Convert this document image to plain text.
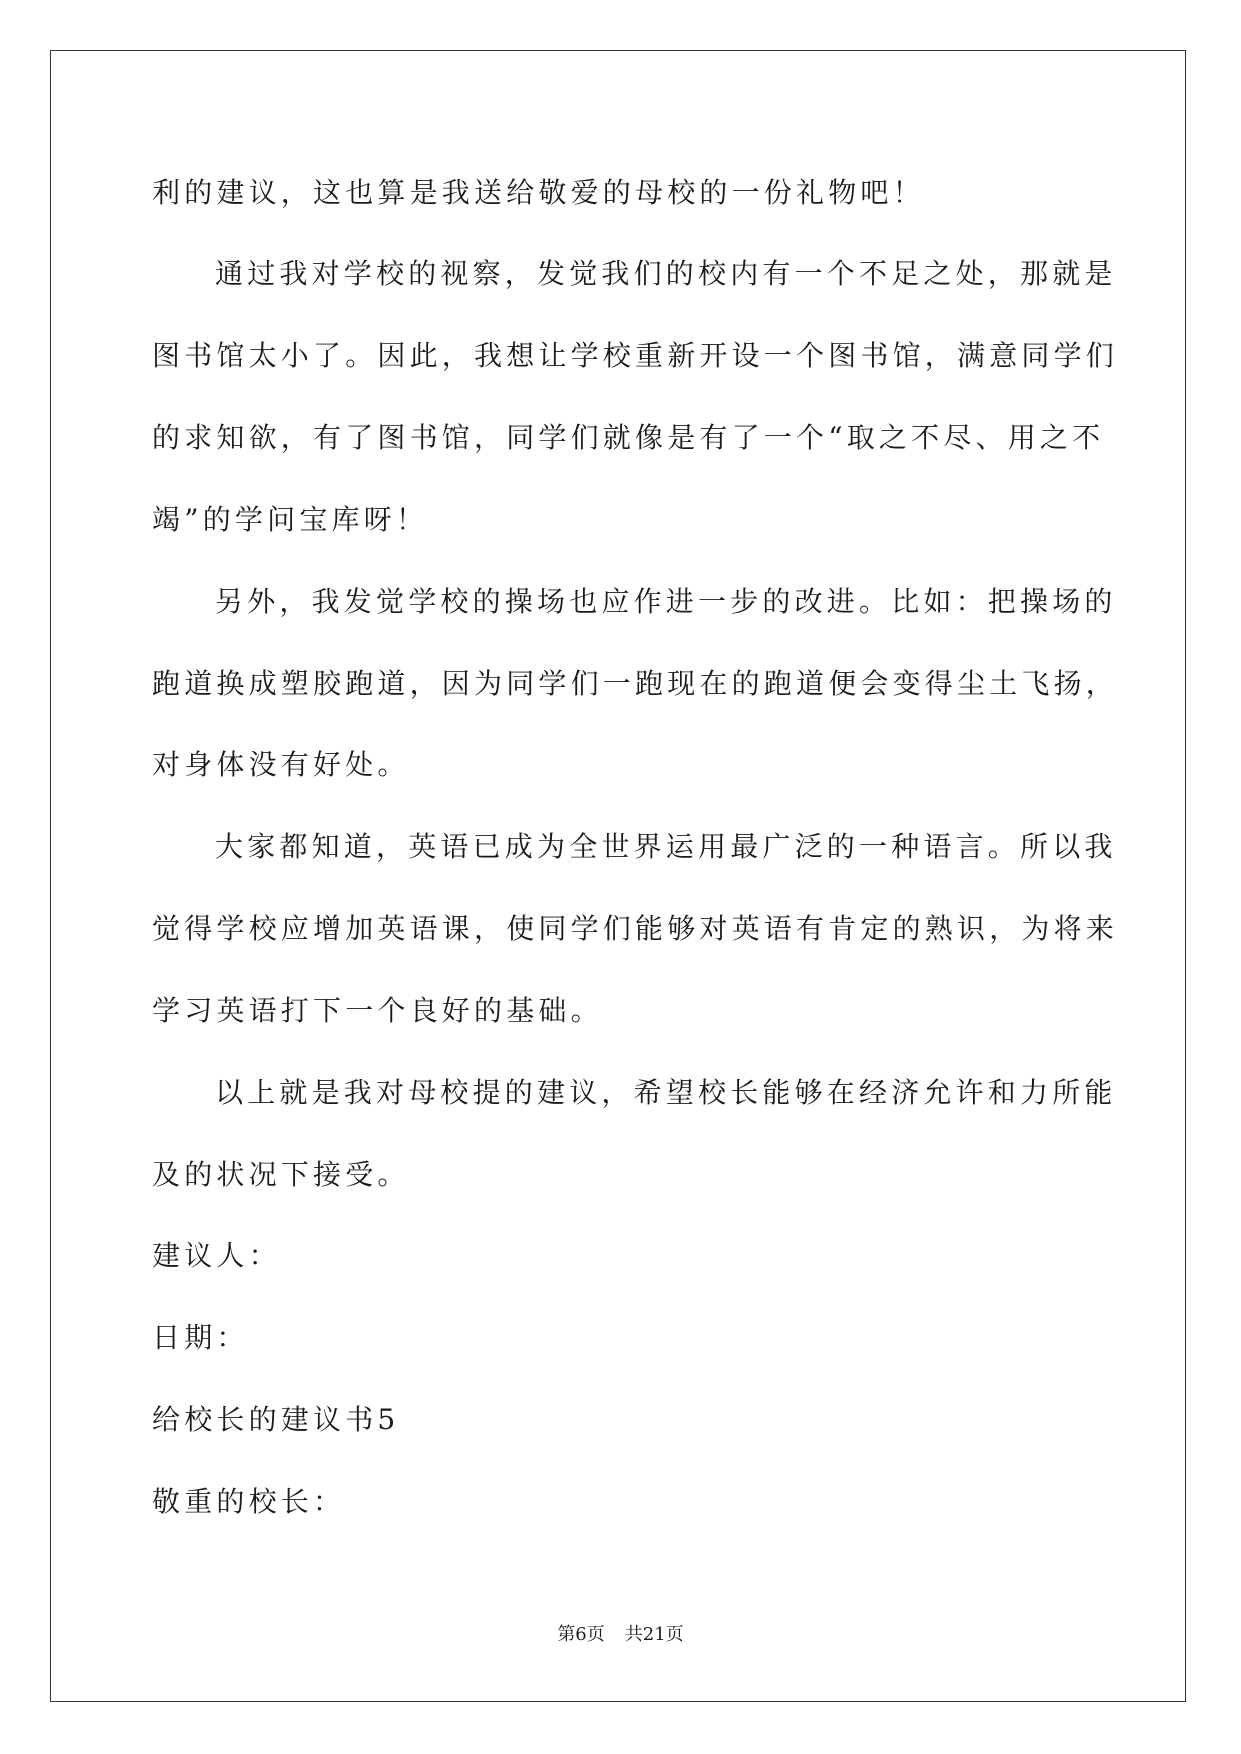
利的建议，这也算是我送给敬爱的母校的一份礼物吧！

通过我对学校的视察，发觉我们的校内有一个不足之处，那就是

图书馆太小了。因此，我想让学校重新开设一个图书馆，满意同学们

的求知欲，有了图书馆，同学们就像是有了一个“取之不尽、用之不

竭”的学问宝库呀！

另外，我发觉学校的操场也应作进一步的改进。比如：把操场的

跑道换成塑胶跑道，因为同学们一跑现在的跑道便会变得尘土飞扬，

对身体没有好处。

大家都知道，英语已成为全世界运用最广泛的一种语言。所以我

觉得学校应增加英语课，使同学们能够对英语有肯定的熟识，为将来

学习英语打下一个良好的基础。

以上就是我对母校提的建议，希望校长能够在经济允许和力所能

及的状况下接受。

建议人：

日期：

给校长的建议书5

敬重的校长：

第6页 共21页
